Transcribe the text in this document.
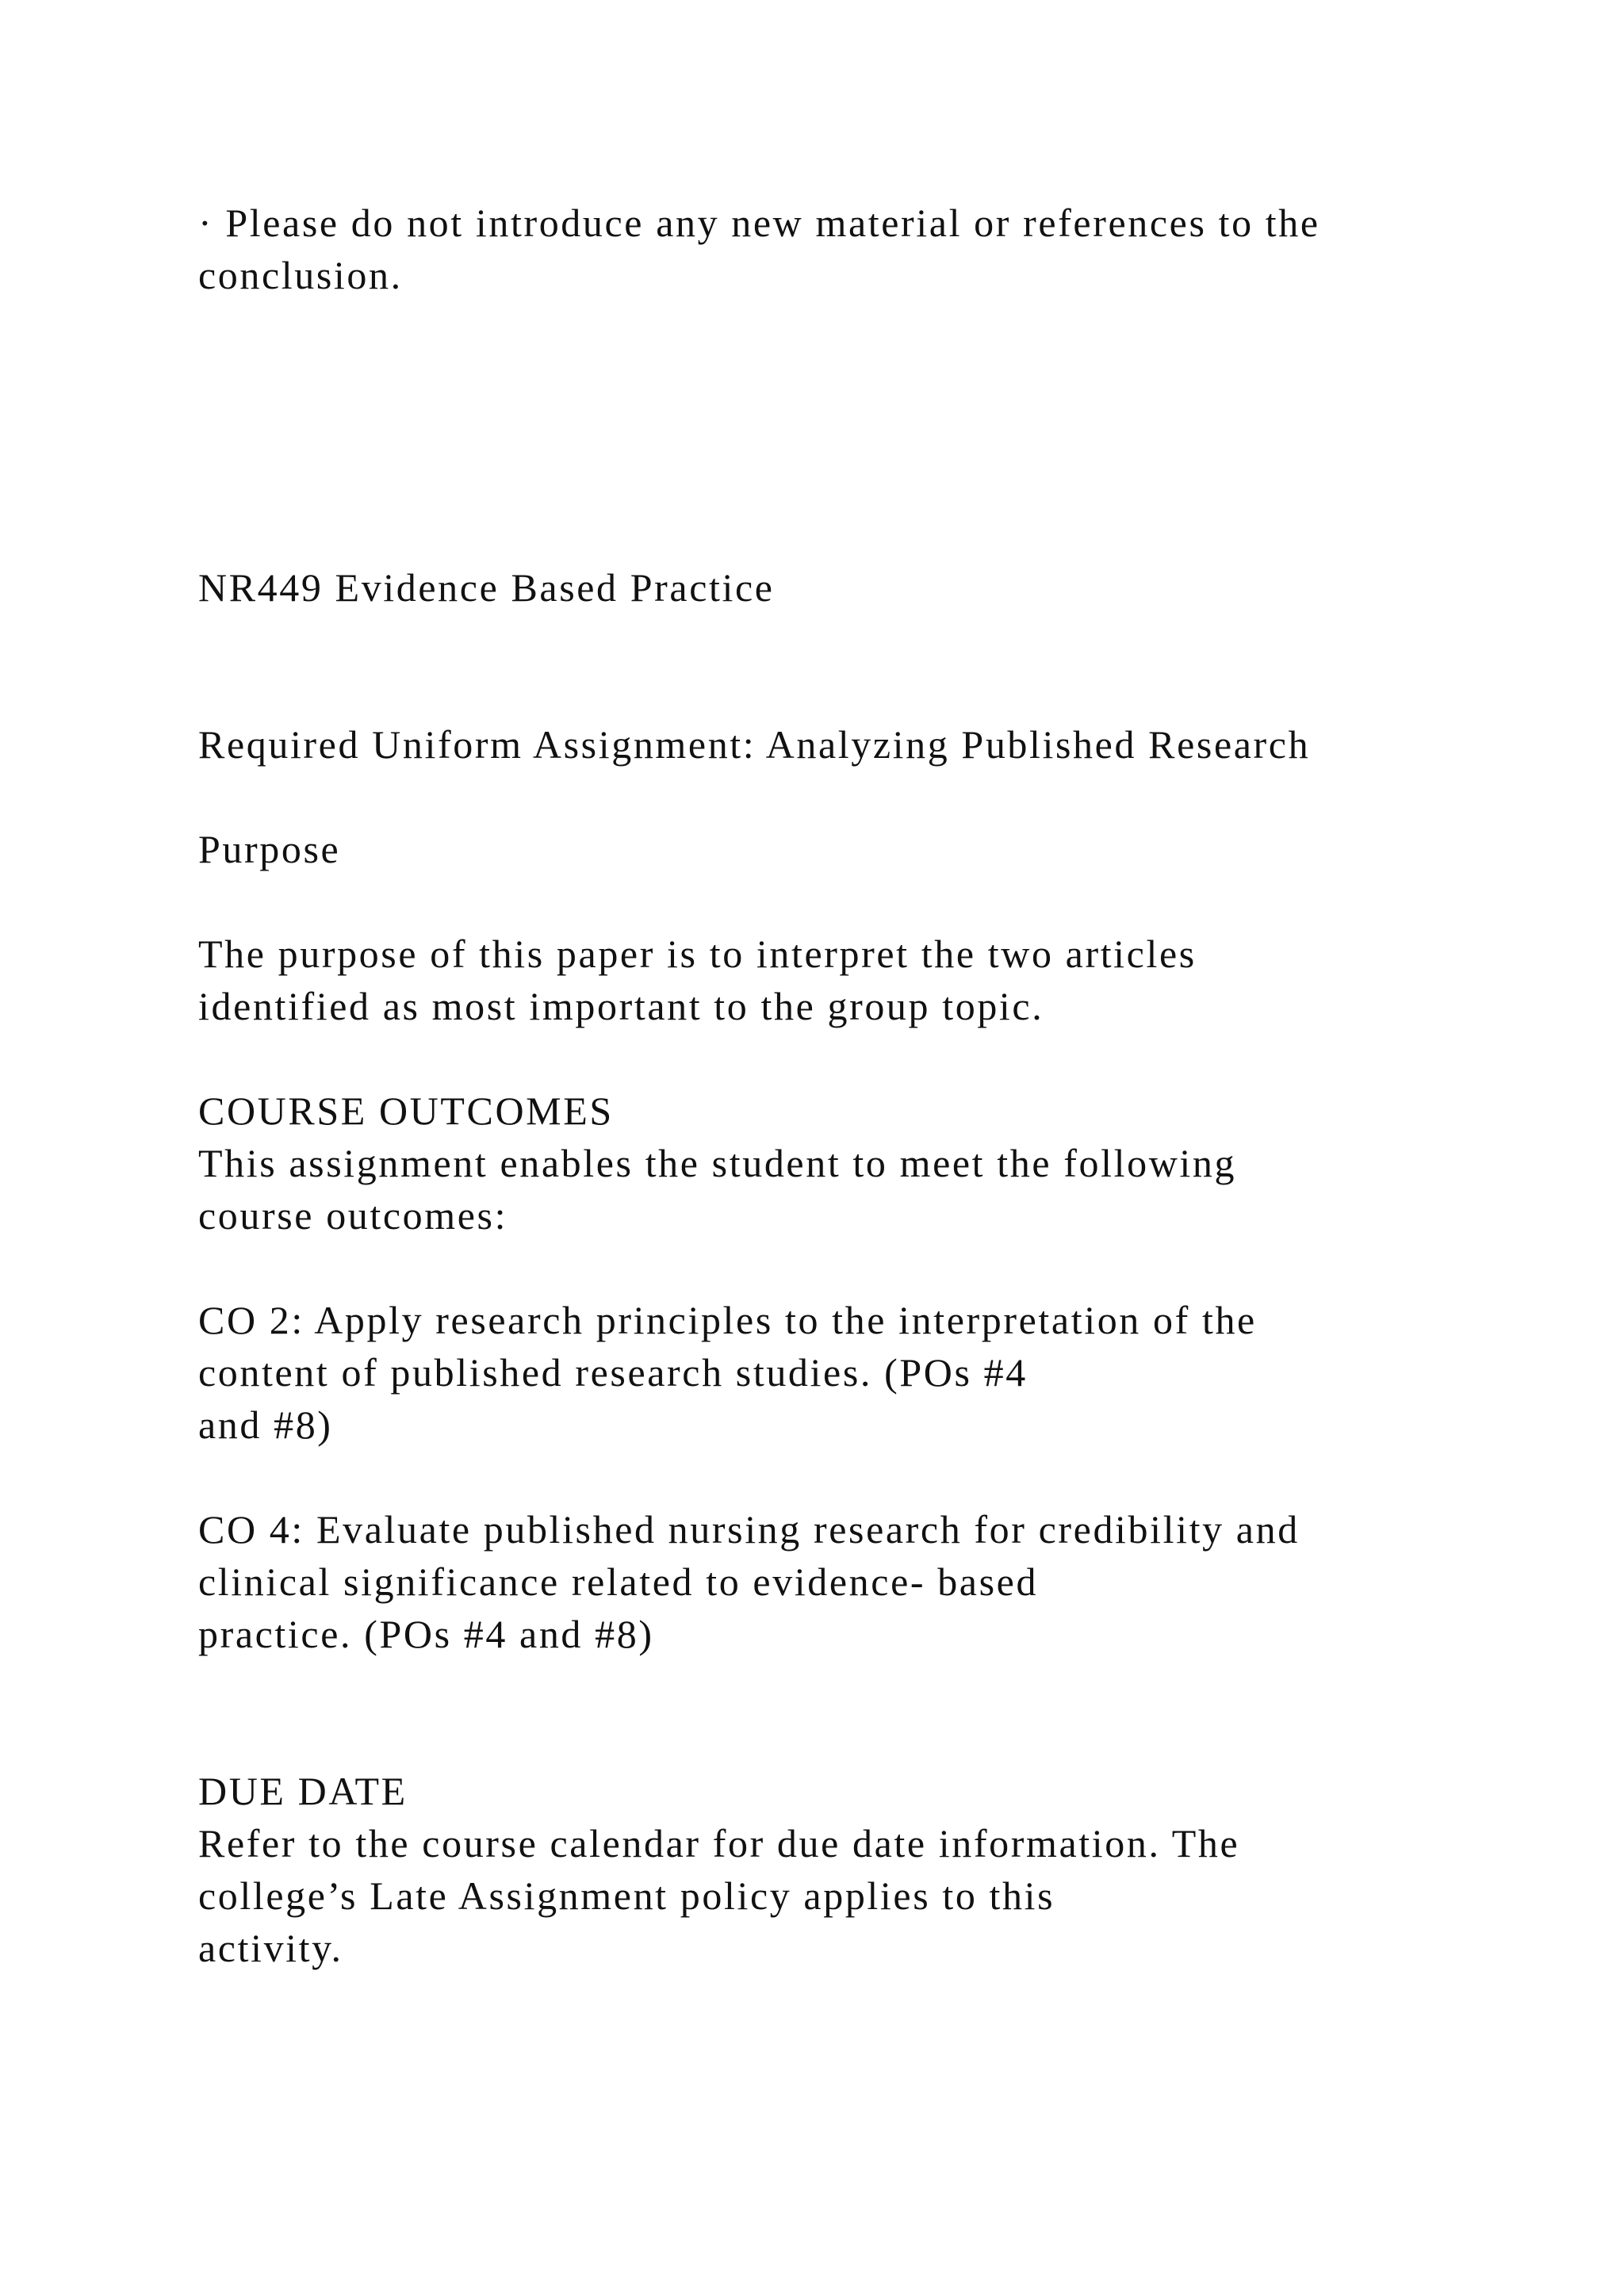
· Please do not introduce any new material or references to the

conclusion.

NR449 Evidence Based Practice

Required Uniform Assignment: Analyzing Published Research

Purpose

The purpose of this paper is to interpret the two articles

identified as most important to the group topic.

COURSE OUTCOMES

This assignment enables the student to meet the following

course outcomes:

CO 2: Apply research principles to the interpretation of the

content of published research studies. (POs #4

and #8)

CO 4: Evaluate published nursing research for credibility and

clinical significance related to evidence- based

practice. (POs #4 and #8)

DUE DATE

Refer to the course calendar for due date information. The

college’s Late Assignment policy applies to this

activity.
